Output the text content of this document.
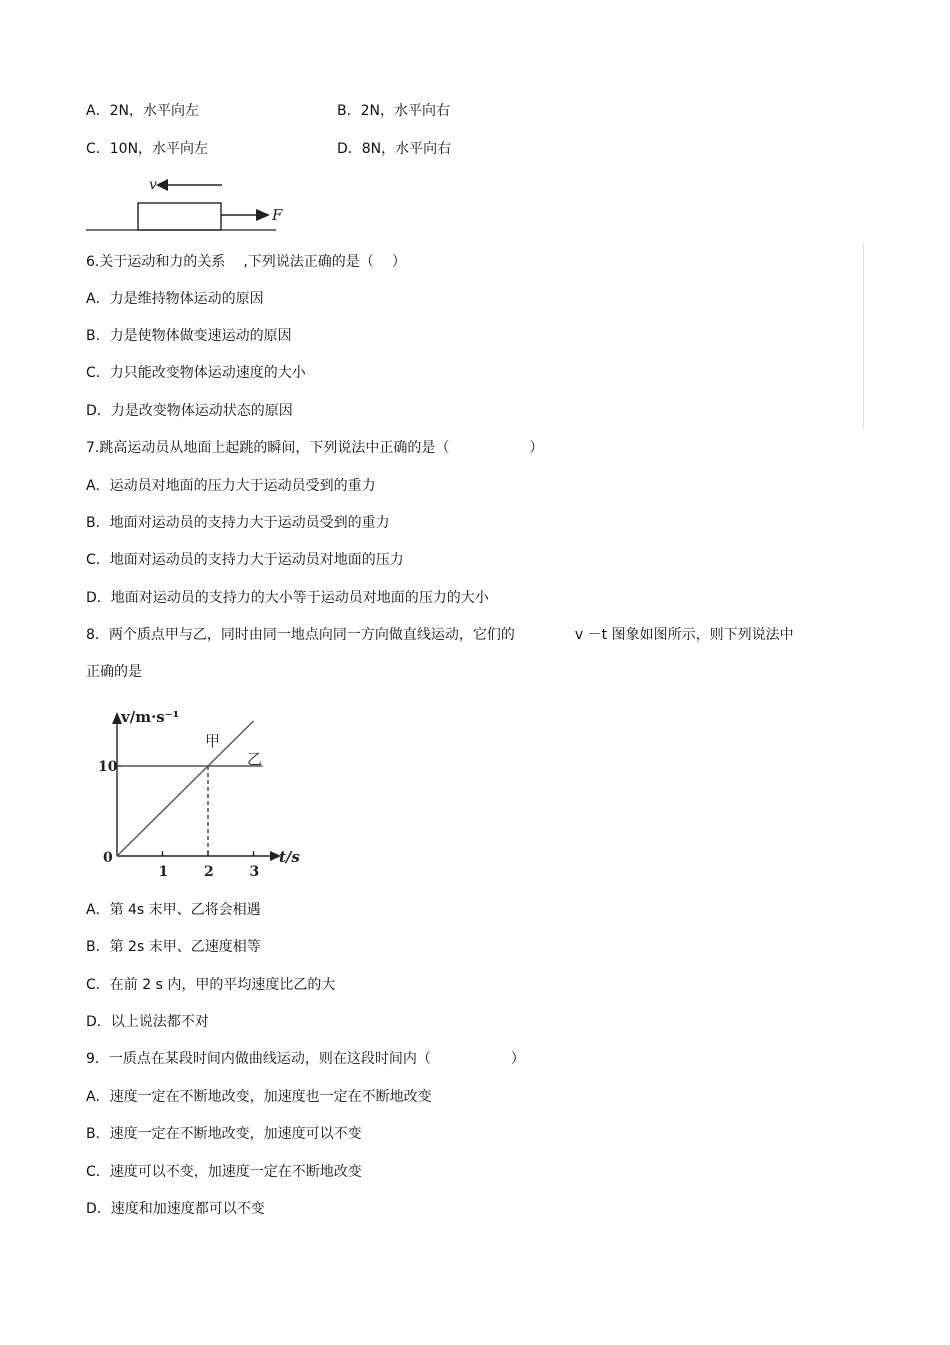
A．2N，水平向左	B．2N，水平向右
C．10N，水平向左	D．8N，水平向右
F
v
6.关于运动和力的关系 ,下列说法正确的是（ ）
A．力是维持物体运动的原因
B．力是使物体做变速运动的原因
C．力只能改变物体运动速度的大小
D．力是改变物体运动状态的原因
7.跳高运动员从地面上起跳的瞬间，下列说法中正确的是（	）
A．运动员对地面的压力大于运动员受到的重力
B．地面对运动员的支持力大于运动员受到的重力
C．地面对运动员的支持力大于运动员对地面的压力
D．地面对运动员的支持力的大小等于运动员对地面的压力的大小
8．两个质点甲与乙，同时由同一地点向同一方向做直线运动，它们的	v －t 图象如图所示，则下列说法中
正确的是
v/m·s⁻¹
t/s
0
1	2	3
10
甲
乙
A．第 4s 末甲、乙将会相遇
B．第 2s 末甲、乙速度相等
C．在前 2 s 内，甲的平均速度比乙的大
D．以上说法都不对
9．一质点在某段时间内做曲线运动，则在这段时间内（	）
A．速度一定在不断地改变，加速度也一定在不断地改变
B．速度一定在不断地改变，加速度可以不变
C．速度可以不变，加速度一定在不断地改变
D．速度和加速度都可以不变
